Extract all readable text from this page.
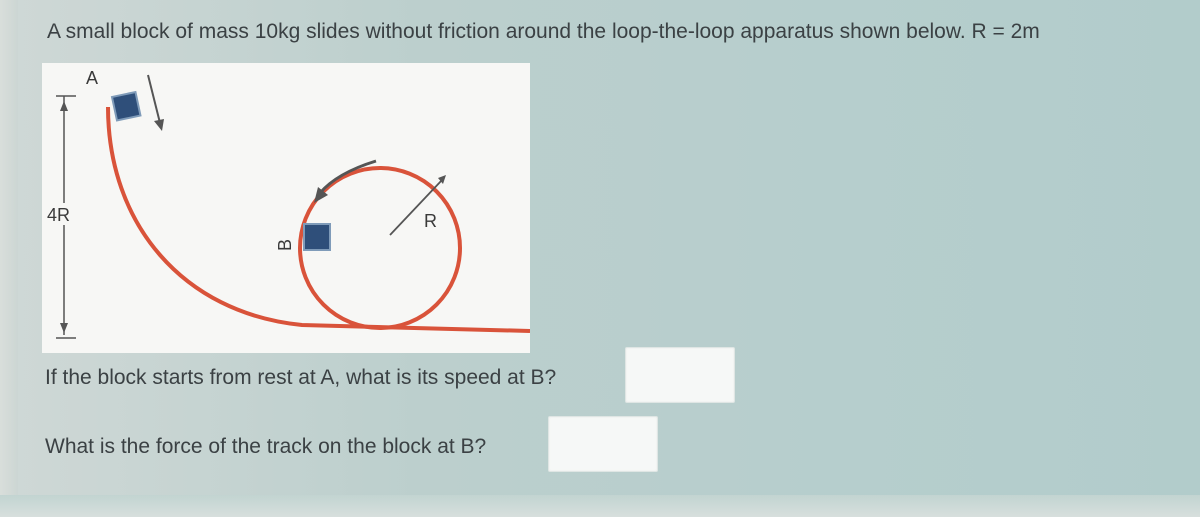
A small block of mass 10kg slides without friction around the loop-the-loop apparatus shown below. R = 2m
4R
A
B
R
If the block starts from rest at A, what is its speed at B?
What is the force of the track on the block at B?
